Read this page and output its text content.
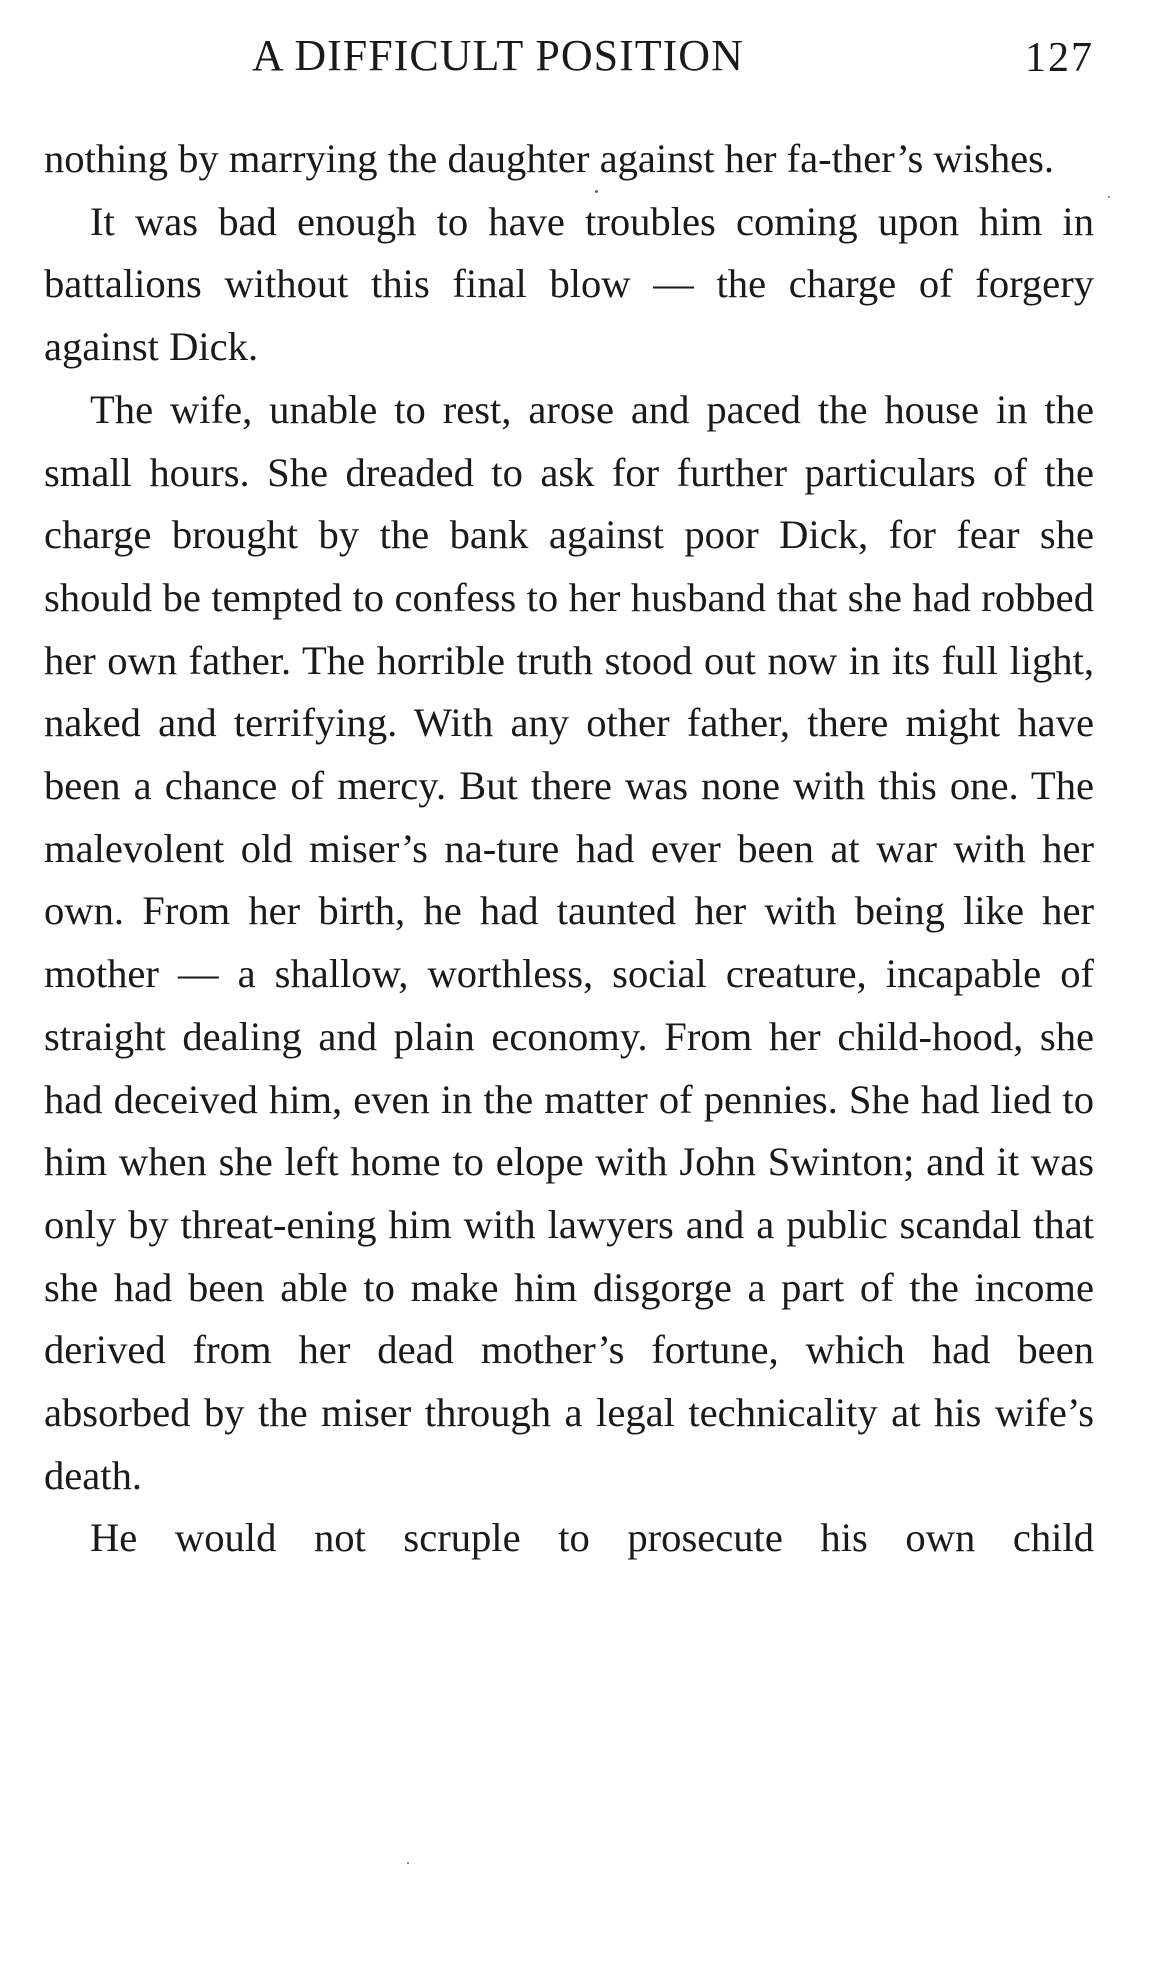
A DIFFICULT POSITION	127

nothing by marrying the daughter against her fa-ther’s wishes.

It was bad enough to have troubles coming upon him in battalions without this final blow — the charge of forgery against Dick.

The wife, unable to rest, arose and paced the house in the small hours. She dreaded to ask for further particulars of the charge brought by the bank against poor Dick, for fear she should be tempted to confess to her husband that she had robbed her own father. The horrible truth stood out now in its full light, naked and terrifying. With any other father, there might have been a chance of mercy. But there was none with this one. The malevolent old miser’s na-ture had ever been at war with her own. From her birth, he had taunted her with being like her mother — a shallow, worthless, social creature, incapable of straight dealing and plain economy. From her child-hood, she had deceived him, even in the matter of pennies. She had lied to him when she left home to elope with John Swinton; and it was only by threat-ening him with lawyers and a public scandal that she had been able to make him disgorge a part of the income derived from her dead mother’s fortune, which had been absorbed by the miser through a legal technicality at his wife’s death.

He would not scruple to prosecute his own child
